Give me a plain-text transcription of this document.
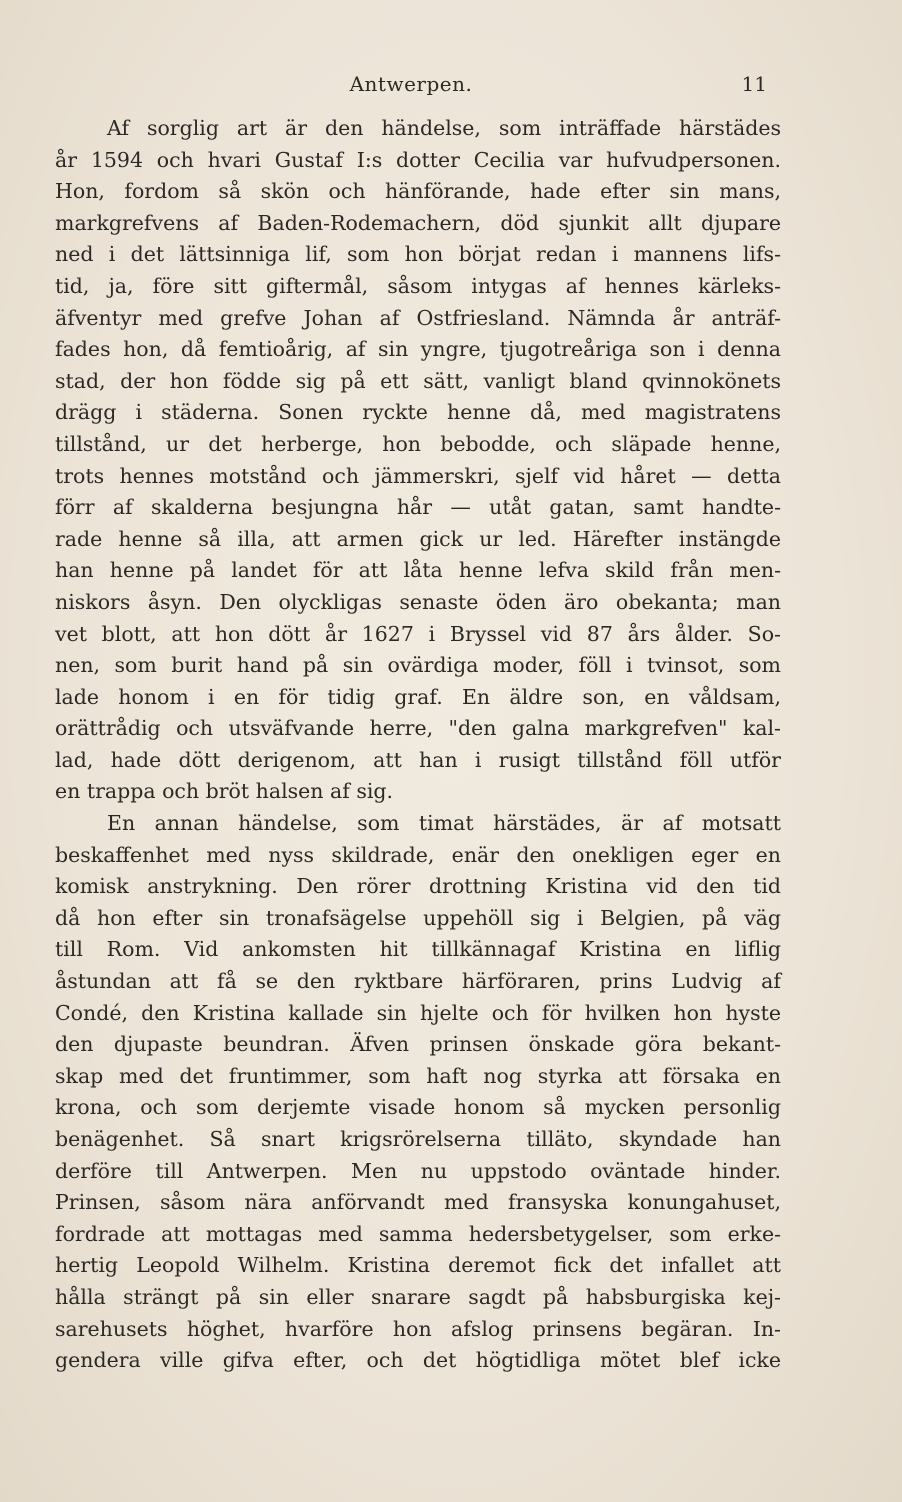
Antwerpen.	11
Af sorglig art är den händelse, som inträffade härstädes
år 1594 och hvari Gustaf I:s dotter Cecilia var hufvudpersonen.
Hon, fordom så skön och hänförande, hade efter sin mans,
markgrefvens af Baden-Rodemachern, död sjunkit allt djupare
ned i det lättsinniga lif, som hon börjat redan i mannens lifs-
tid, ja, före sitt giftermål, såsom intygas af hennes kärleks-
äfventyr med grefve Johan af Ostfriesland. Nämnda år anträf-
fades hon, då femtioårig, af sin yngre, tjugotreåriga son i denna
stad, der hon födde sig på ett sätt, vanligt bland qvinnokönets
drägg i städerna. Sonen ryckte henne då, med magistratens
tillstånd, ur det herberge, hon bebodde, och släpade henne,
trots hennes motstånd och jämmerskri, sjelf vid håret — detta
förr af skalderna besjungna hår — utåt gatan, samt handte-
rade henne så illa, att armen gick ur led. Härefter instängde
han henne på landet för att låta henne lefva skild från men-
niskors åsyn. Den olyckligas senaste öden äro obekanta; man
vet blott, att hon dött år 1627 i Bryssel vid 87 års ålder. So-
nen, som burit hand på sin ovärdiga moder, föll i tvinsot, som
lade honom i en för tidig graf. En äldre son, en våldsam,
orättrådig och utsväfvande herre, "den galna markgrefven" kal-
lad, hade dött derigenom, att han i rusigt tillstånd föll utför
en trappa och bröt halsen af sig.
En annan händelse, som timat härstädes, är af motsatt
beskaffenhet med nyss skildrade, enär den onekligen eger en
komisk anstrykning. Den rörer drottning Kristina vid den tid
då hon efter sin tronafsägelse uppehöll sig i Belgien, på väg
till Rom. Vid ankomsten hit tillkännagaf Kristina en liflig
åstundan att få se den ryktbare härföraren, prins Ludvig af
Condé, den Kristina kallade sin hjelte och för hvilken hon hyste
den djupaste beundran. Äfven prinsen önskade göra bekant-
skap med det fruntimmer, som haft nog styrka att försaka en
krona, och som derjemte visade honom så mycken personlig
benägenhet. Så snart krigsrörelserna tilläto, skyndade han
derföre till Antwerpen. Men nu uppstodo oväntade hinder.
Prinsen, såsom nära anförvandt med fransyska konungahuset,
fordrade att mottagas med samma hedersbetygelser, som erke-
hertig Leopold Wilhelm. Kristina deremot fick det infallet att
hålla strängt på sin eller snarare sagdt på habsburgiska kej-
sarehusets höghet, hvarföre hon afslog prinsens begäran. In-
gendera ville gifva efter, och det högtidliga mötet blef icke
